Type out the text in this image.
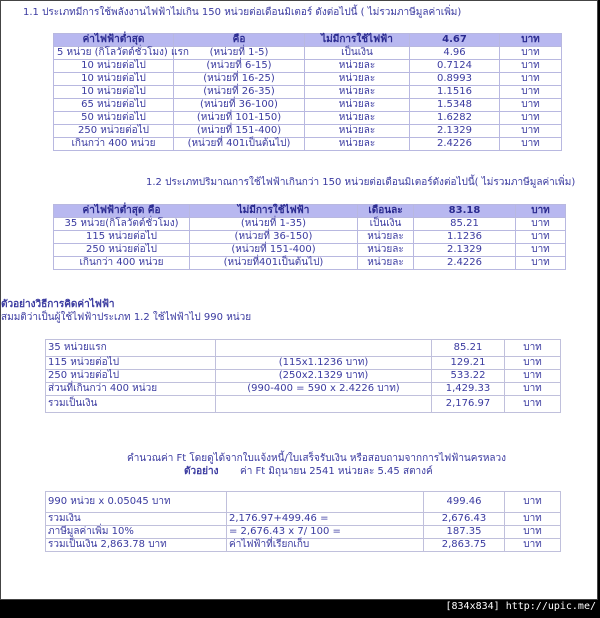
1.1 ประเภทมีการใช้พลังงานไฟฟ้าไม่เกิน 150 หน่วยต่อเดือนมิเตอร์ ดังต่อไปนี้ ( ไม่รวมภาษีมูลค่าเพิ่ม)
ค่าไฟฟ้าต่ำสุด	คือ	ไม่มีการใช้ไฟฟ้า	4.67	บาท
5 หน่วย (กิโลวัตต์ชั่วโมง) แรก	(หน่วยที่ 1-5)	เป็นเงิน	4.96	บาท
10 หน่วยต่อไป	(หน่วยที่ 6-15)	หน่วยละ	0.7124	บาท
10 หน่วยต่อไป	(หน่วยที่ 16-25)	หน่วยละ	0.8993	บาท
10 หน่วยต่อไป	(หน่วยที่ 26-35)	หน่วยละ	1.1516	บาท
65 หน่วยต่อไป	(หน่วยที่ 36-100)	หน่วยละ	1.5348	บาท
50 หน่วยต่อไป	(หน่วยที่ 101-150)	หน่วยละ	1.6282	บาท
250 หน่วยต่อไป	(หน่วยที่ 151-400)	หน่วยละ	2.1329	บาท
เกินกว่า 400 หน่วย	(หน่วยที่ 401เป็นต้นไป)	หน่วยละ	2.4226	บาท
1.2 ประเภทปริมาณการใช้ไฟฟ้าเกินกว่า 150 หน่วยต่อเดือนมิเตอร์ดังต่อไปนี้( ไม่รวมภาษีมูลค่าเพิ่ม)
ค่าไฟฟ้าต่ำสุด คือ	ไม่มีการใช้ไฟฟ้า	เดือนละ	83.18	บาท
35 หน่วย(กิโลวัตต์ชั่วโมง)	(หน่วยที่ 1-35)	เป็นเงิน	85.21	บาท
115 หน่วยต่อไป	(หน่วยที่ 36-150)	หน่วยละ	1.1236	บาท
250 หน่วยต่อไป	(หน่วยที่ 151-400)	หน่วยละ	2.1329	บาท
เกินกว่า 400 หน่วย	(หน่วยที่401เป็นต้นไป)	หน่วยละ	2.4226	บาท
ตัวอย่างวิธีการคิดค่าไฟฟ้า
สมมติว่าเป็นผู้ใช้ไฟฟ้าประเภท 1.2 ใช้ไฟฟ้าไป 990 หน่วย
35 หน่วยแรก		85.21	บาท
115 หน่วยต่อไป	(115x1.1236 บาท)	129.21	บาท
250 หน่วยต่อไป	(250x2.1329 บาท)	533.22	บาท
ส่วนที่เกินกว่า 400 หน่วย	(990-400 = 590 x 2.4226 บาท)	1,429.33	บาท
รวมเป็นเงิน		2,176.97	บาท
คำนวณค่า Ft โดยดูได้จากใบแจ้งหนี้/ใบเสร็จรับเงิน หรือสอบถามจากการไฟฟ้านครหลวง
ตัวอย่าง ค่า Ft มิถุนายน 2541 หน่วยละ 5.45 สตางค์
990 หน่วย x 0.05045 บาท		499.46	บาท
รวมเงิน	2,176.97+499.46 =	2,676.43	บาท
ภาษีมูลค่าเพิ่ม 10%	= 2,676.43 x 7/ 100 =	187.35	บาท
รวมเป็นเงิน 2,863.78 บาท	ค่าไฟฟ้าที่เรียกเก็บ	2,863.75	บาท
[834x834] http://upic.me/
